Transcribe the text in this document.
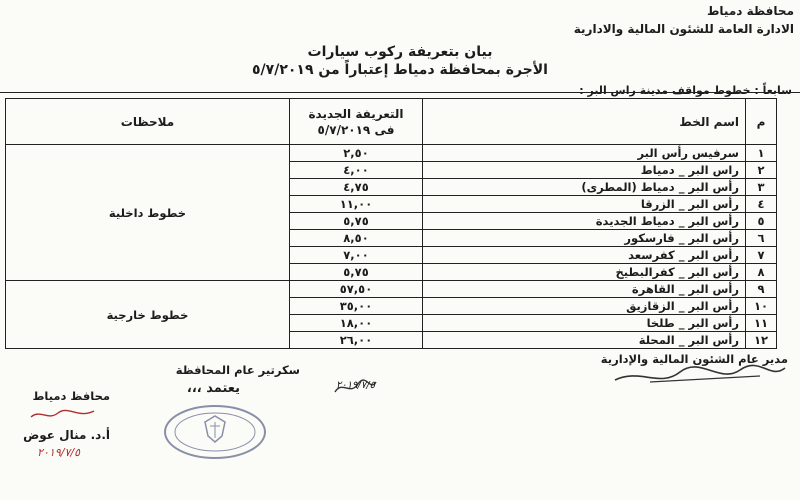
محافظة دمياط
الادارة العامة للشئون المالية والادارية
بيان بتعريفة ركوب سيارات
الأجرة بمحافظة دمياط إعتباراً من ٥/٧/٢٠١٩
سابعاً : خطوط مواقف مدينة راس البر :
م	اسم الخط	التعريفة الجديدة
فى ٥/٧/٢٠١٩	ملاحظات
١	سرفيس رأس البر	٢,٥٠	خطوط داخلية
٢	راس البر _ دمياط	٤,٠٠	
٣	رأس البر _ دمياط (المطرى)	٤,٧٥	
٤	رأس البر _ الزرقا	١١,٠٠	
٥	رأس البر _ دمياط الجديدة	٥,٧٥	
٦	رأس البر _ فارسكور	٨,٥٠	
٧	رأس البر _ كفرسعد	٧,٠٠	
٨	رأس البر _ كفرالبطيخ	٥,٧٥	
٩	رأس البر _ القاهرة	٥٧,٥٠	خطوط خارجية
١٠	رأس البر _ الزقازيق	٣٥,٠٠	
١١	رأس البر _ طلخا	١٨,٠٠	
١٢	رأس البر _ المحلة	٢٦,٠٠	
مدير عام الشئون المالية والإدارية
سكرتير عام المحافظة
٢٠١٩/٧/٥
يعتمد ،،،
محافظ دمياط
أ.د. منال عوض
٢٠١٩/٧/٥
